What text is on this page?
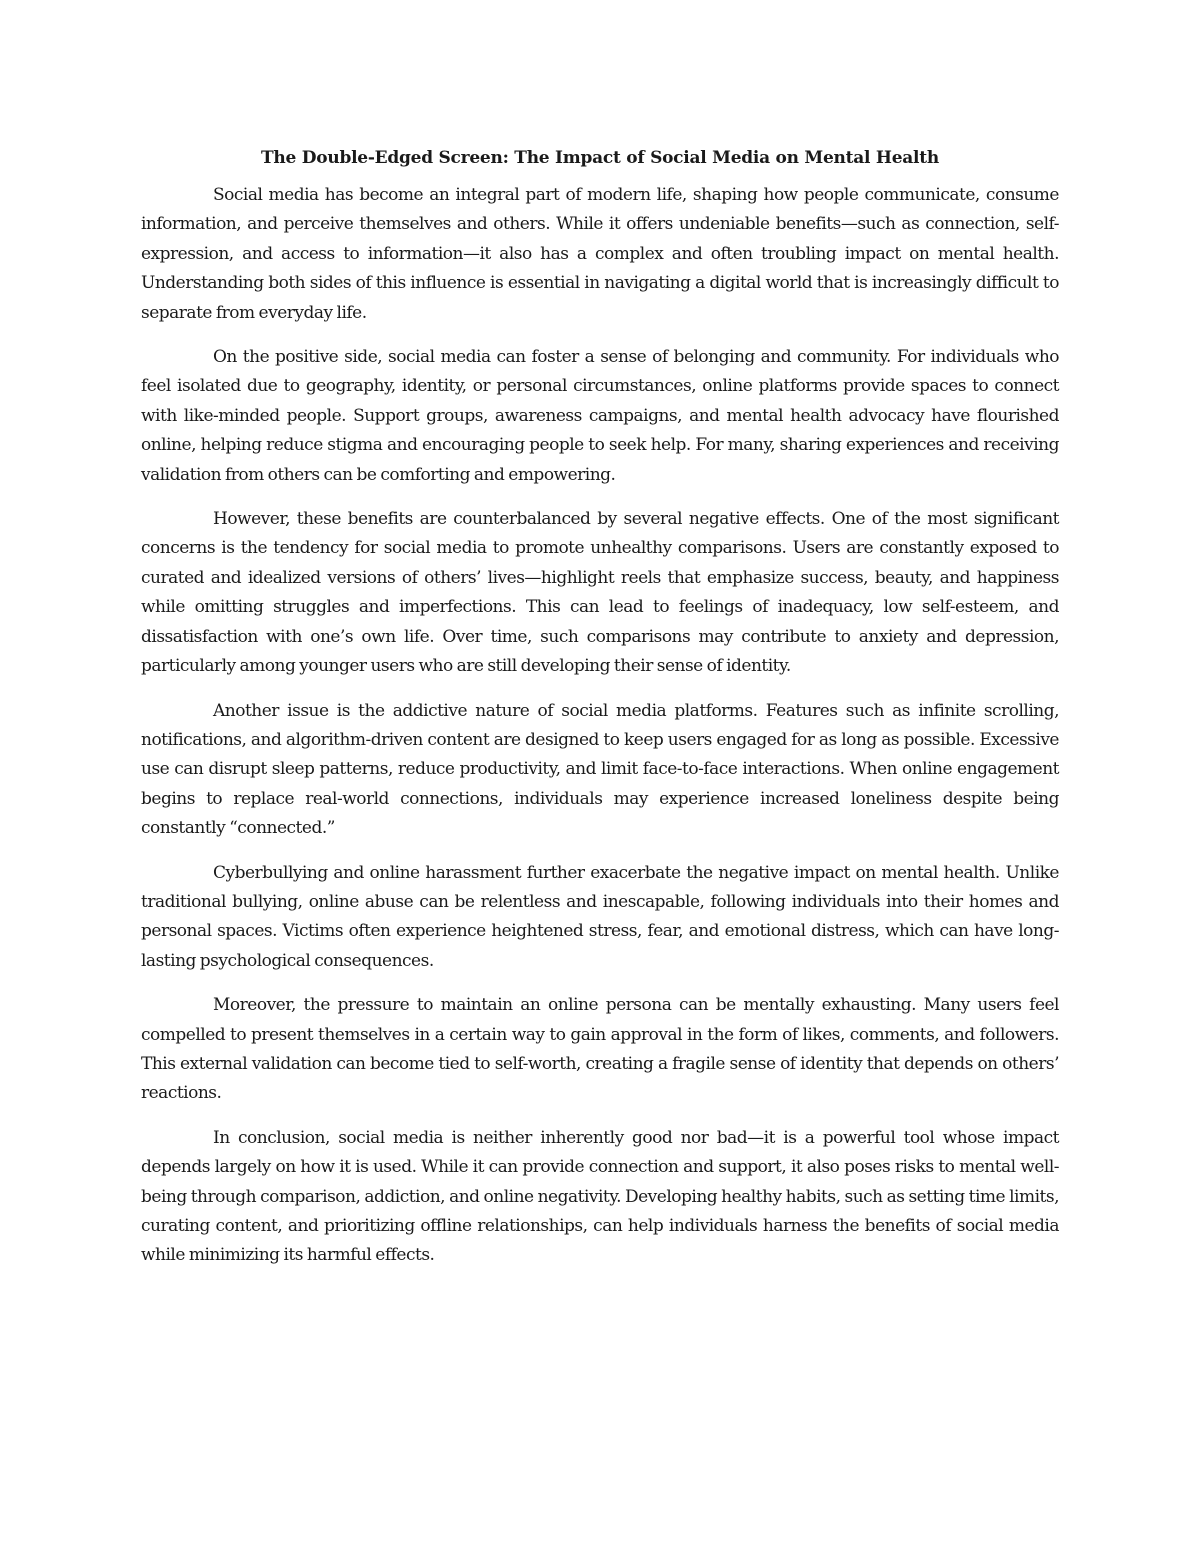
The Double-Edged Screen: The Impact of Social Media on Mental Health

Social media has become an integral part of modern life, shaping how people communicate, consume information, and perceive themselves and others. While it offers undeniable benefits—such as connection, self-expression, and access to information—it also has a complex and often troubling impact on mental health. Understanding both sides of this influence is essential in navigating a digital world that is increasingly difficult to separate from everyday life.

On the positive side, social media can foster a sense of belonging and community. For individuals who feel isolated due to geography, identity, or personal circumstances, online platforms provide spaces to connect with like-minded people. Support groups, awareness campaigns, and mental health advocacy have flourished online, helping reduce stigma and encouraging people to seek help. For many, sharing experiences and receiving validation from others can be comforting and empowering.

However, these benefits are counterbalanced by several negative effects. One of the most significant concerns is the tendency for social media to promote unhealthy comparisons. Users are constantly exposed to curated and idealized versions of others’ lives—highlight reels that emphasize success, beauty, and happiness while omitting struggles and imperfections. This can lead to feelings of inadequacy, low self-esteem, and dissatisfaction with one’s own life. Over time, such comparisons may contribute to anxiety and depression, particularly among younger users who are still developing their sense of identity.

Another issue is the addictive nature of social media platforms. Features such as infinite scrolling, notifications, and algorithm-driven content are designed to keep users engaged for as long as possible. Excessive use can disrupt sleep patterns, reduce productivity, and limit face-to-face interactions. When online engagement begins to replace real-world connections, individuals may experience increased loneliness despite being constantly “connected.”

Cyberbullying and online harassment further exacerbate the negative impact on mental health. Unlike traditional bullying, online abuse can be relentless and inescapable, following individuals into their homes and personal spaces. Victims often experience heightened stress, fear, and emotional distress, which can have long-lasting psychological consequences.

Moreover, the pressure to maintain an online persona can be mentally exhausting. Many users feel compelled to present themselves in a certain way to gain approval in the form of likes, comments, and followers. This external validation can become tied to self-worth, creating a fragile sense of identity that depends on others’ reactions.

In conclusion, social media is neither inherently good nor bad—it is a powerful tool whose impact depends largely on how it is used. While it can provide connection and support, it also poses risks to mental well-being through comparison, addiction, and online negativity. Developing healthy habits, such as setting time limits, curating content, and prioritizing offline relationships, can help individuals harness the benefits of social media while minimizing its harmful effects.
